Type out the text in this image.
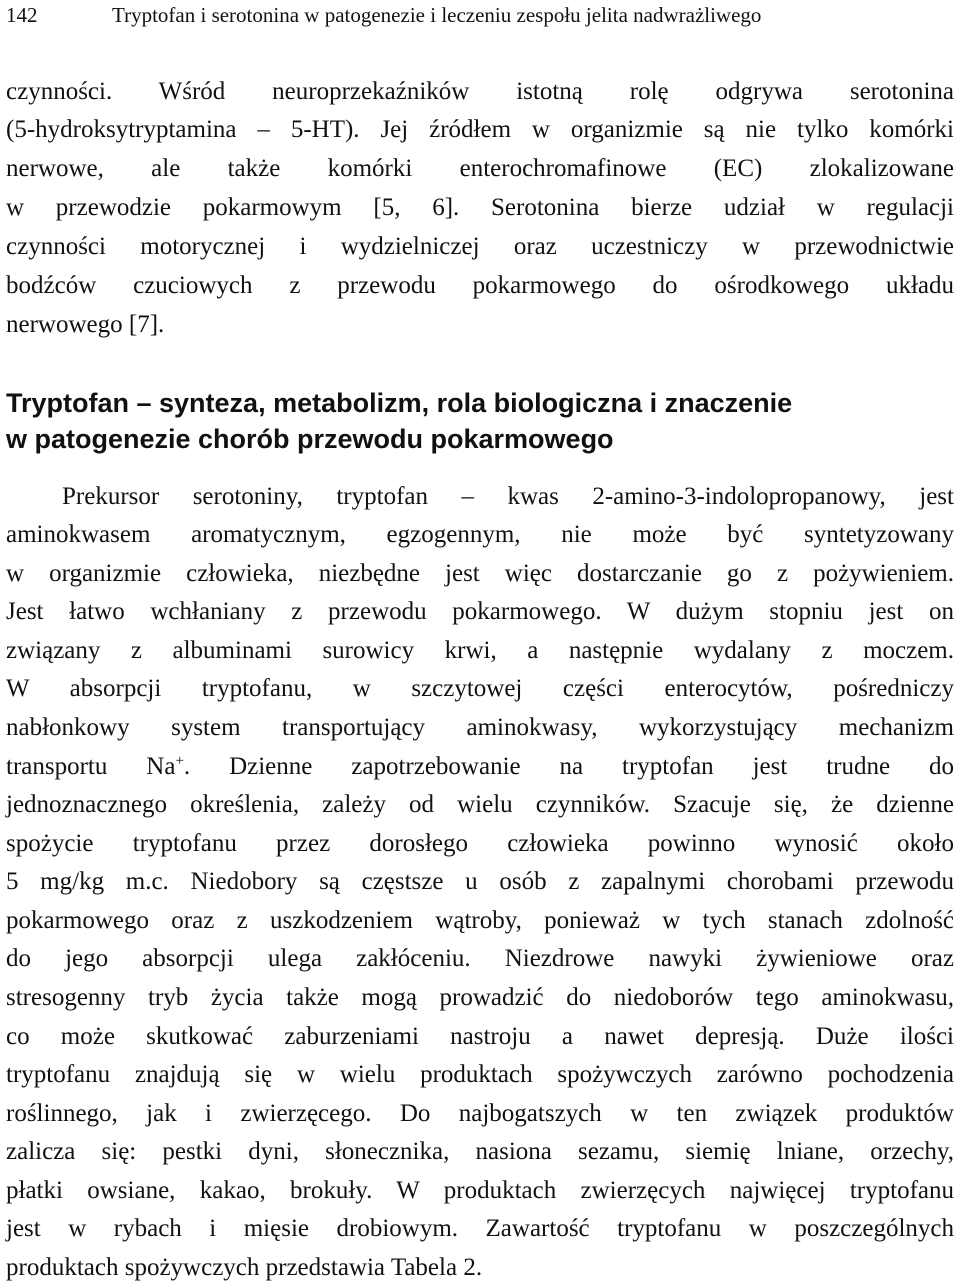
142	Tryptofan i serotonina w patogenezie i leczeniu zespołu jelita nadwrażliwego
czynności. Wśród neuroprzekaźników istotną rolę odgrywa serotonina
(5-hydroksytryptamina – 5-HT). Jej źródłem w organizmie są nie tylko komórki
nerwowe, ale także komórki enterochromafinowe (EC) zlokalizowane
w przewodzie pokarmowym [5, 6]. Serotonina bierze udział w regulacji
czynności motorycznej i wydzielniczej oraz uczestniczy w przewodnictwie
bodźców czuciowych z przewodu pokarmowego do ośrodkowego układu
nerwowego [7].
Tryptofan – synteza, metabolizm, rola biologiczna i znaczenie
w patogenezie chorób przewodu pokarmowego
Prekursor serotoniny, tryptofan – kwas 2-amino-3-indolopropanowy, jest
aminokwasem aromatycznym, egzogennym, nie może być syntetyzowany
w organizmie człowieka, niezbędne jest więc dostarczanie go z pożywieniem.
Jest łatwo wchłaniany z przewodu pokarmowego. W dużym stopniu jest on
związany z albuminami surowicy krwi, a następnie wydalany z moczem.
W absorpcji tryptofanu, w szczytowej części enterocytów, pośredniczy
nabłonkowy system transportujący aminokwasy, wykorzystujący mechanizm
transportu Na+. Dzienne zapotrzebowanie na tryptofan jest trudne do
jednoznacznego określenia, zależy od wielu czynników. Szacuje się, że dzienne
spożycie tryptofanu przez dorosłego człowieka powinno wynosić około
5 mg/kg m.c. Niedobory są częstsze u osób z zapalnymi chorobami przewodu
pokarmowego oraz z uszkodzeniem wątroby, ponieważ w tych stanach zdolność
do jego absorpcji ulega zakłóceniu. Niezdrowe nawyki żywieniowe oraz
stresogenny tryb życia także mogą prowadzić do niedoborów tego aminokwasu,
co może skutkować zaburzeniami nastroju a nawet depresją. Duże ilości
tryptofanu znajdują się w wielu produktach spożywczych zarówno pochodzenia
roślinnego, jak i zwierzęcego. Do najbogatszych w ten związek produktów
zalicza się: pestki dyni, słonecznika, nasiona sezamu, siemię lniane, orzechy,
płatki owsiane, kakao, brokuły. W produktach zwierzęcych najwięcej tryptofanu
jest w rybach i mięsie drobiowym. Zawartość tryptofanu w poszczególnych
produktach spożywczych przedstawia Tabela 2.
